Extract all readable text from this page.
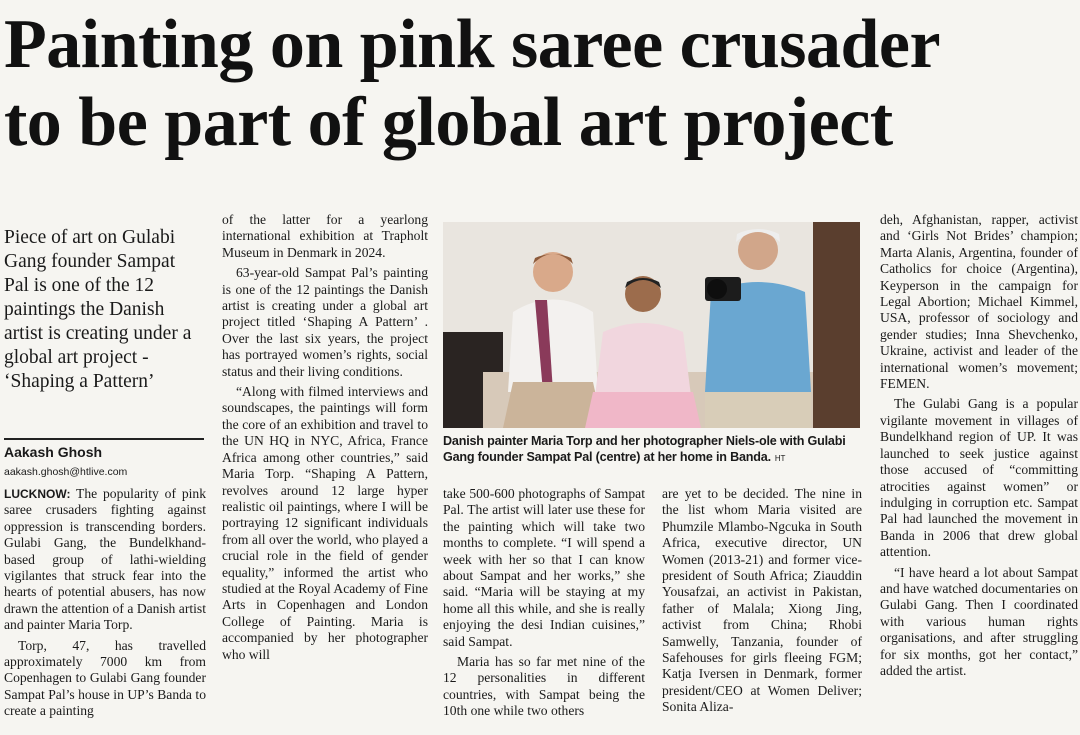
Painting on pink saree crusader
to be part of global art project
Piece of art on Gulabi Gang founder Sampat Pal is one of the 12 paintings the Danish artist is creating under a global art project - ‘Shaping a Pattern’
Aakash Ghosh
aakash.ghosh@htlive.com

LUCKNOW: The popularity of pink saree crusaders fighting against oppression is transcending borders. Gulabi Gang, the Bundelkhand-based group of lathi-wielding vigilantes that struck fear into the hearts of potential abusers, has now drawn the attention of a Danish artist and painter Maria Torp.

Torp, 47, has travelled approximately 7000 km from Copenhagen to Gulabi Gang founder Sampat Pal’s house in UP’s Banda to create a painting

of the latter for a yearlong international exhibition at Trapholt Museum in Denmark in 2024.

63-year-old Sampat Pal’s painting is one of the 12 paintings the Danish artist is creating under a global art project titled ‘Shaping A Pattern’ . Over the last six years, the project has portrayed women’s rights, social status and their living conditions.

“Along with filmed interviews and soundscapes, the paintings will form the core of an exhibition and travel to the UN HQ in NYC, Africa, France Africa among other countries,” said Maria Torp. “Shaping A Pattern, revolves around 12 large hyper realistic oil paintings, where I will be portraying 12 significant individuals from all over the world, who played a crucial role in the field of gender equality,” informed the artist who studied at the Royal Academy of Fine Arts in Copenhagen and London College of Painting. Maria is accompanied by her photographer who will

Danish painter Maria Torp and her photographer Niels-ole with Gulabi Gang founder Sampat Pal (centre) at her home in Banda. HT

take 500-600 photographs of Sampat Pal. The artist will later use these for the painting which will take two months to complete. “I will spend a week with her so that I can know about Sampat and her works,” she said. “Maria will be staying at my home all this while, and she is really enjoying the desi Indian cuisines,” said Sampat.

Maria has so far met nine of the 12 personalities in different countries, with Sampat being the 10th one while two others

are yet to be decided. The nine in the list whom Maria visited are Phumzile Mlambo-Ngcuka in South Africa, executive director, UN Women (2013-21) and former vice-president of South Africa; Ziauddin Yousafzai, an activist in Pakistan, father of Malala; Xiong Jing, activist from China; Rhobi Samwelly, Tanzania, founder of Safehouses for girls fleeing FGM; Katja Iversen in Denmark, former president/CEO at Women Deliver; Sonita Aliza-

deh, Afghanistan, rapper, activist and ‘Girls Not Brides’ champion; Marta Alanis, Argentina, founder of Catholics for choice (Argentina), Keyperson in the campaign for Legal Abortion; Michael Kimmel, USA, professor of sociology and gender studies; Inna Shevchenko, Ukraine, activist and leader of the international women’s movement; FEMEN.

The Gulabi Gang is a popular vigilante movement in villages of Bundelkhand region of UP. It was launched to seek justice against those accused of “committing atrocities against women” or indulging in corruption etc. Sampat Pal had launched the movement in Banda in 2006 that drew global attention.

“I have heard a lot about Sampat and have watched documentaries on Gulabi Gang. Then I coordinated with various human rights organisations, and after struggling for six months, got her contact,” added the artist.
